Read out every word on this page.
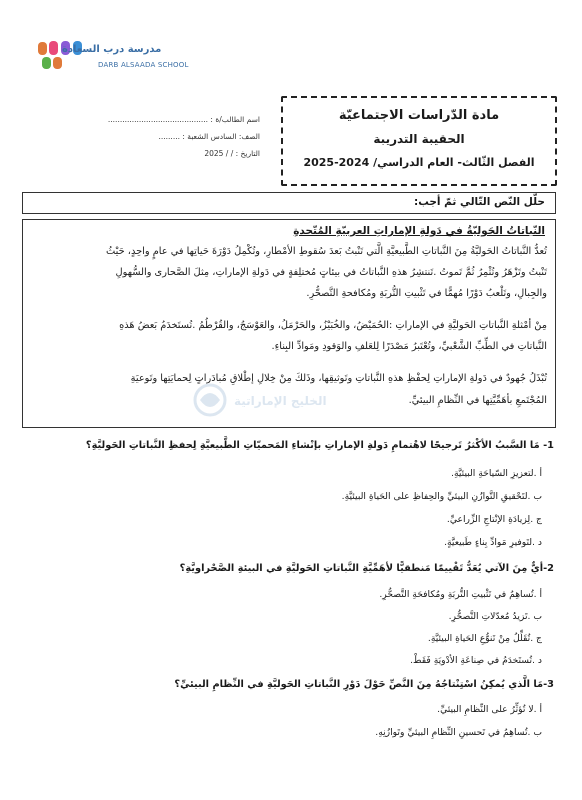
مدرسة درب السعادة
DARB ALSAADA SCHOOL
اسم الطالب/ة : ..........................................
الصف: السادس الشعبة : .........
التاريخ : / / 2025
مادة الدّراسات الاجتماعيّة
الحقيبة التدريبة
الفصل الثّالث- العام الدراسي/ 2024-2025
حلّل النّص التّالي ثمّ أجب:
النّباتاتُ الحَوليّةُ في دَولةِ الإماراتِ العربيّةِ المُتّحدةِ
تُعدُّ النَّباتاتُ الحَوليَّةُ مِنَ النَّباتاتِ الطَّبيعيَّةِ الَّتي تَنْبتُ بَعدَ سُقوطِ الأمْطارِ، وتُكْمِلُ دَوْرَةَ حَياتِها في عامٍ واحِدٍ، حَيْثُ
تَنْبتُ وتَزْهَرُ وتُثْمِرُ ثُمَّ تَموتُ .تَنتشِرُ هذهِ النَّباتاتُ في بيئاتٍ مُختلِفةٍ في دَولةِ الإماراتِ، مِثلَ الصَّحارى والسُّهولِ
والجِبالِ، وتَلْعبُ دَوْرًا مُهمًّا في تَثْبيتِ التُّربَةِ ومُكافحةِ التَّصحُّرِ.
مِنْ أمْثلةِ النَّباتاتِ الحَوليَّةِ في الإماراتِ :الحُمَيْضُ، والخُبَيْزُ، والحَرْمَلُ، والعَوْسَجُ، والقُرْطُمُ .تُستَخدَمُ بَعضُ هَذهِ
النَّباتاتِ في الطِّبِّ الشَّعْبيِّ، وتُعْتَبرُ مَصْدَرًا لِلعَلفِ والوَقودِ ومَوادِّ البِناءِ.
تُبْذَلُ جُهودٌ في دَولةِ الإماراتِ لِحفْظِ هذهِ النَّباتاتِ وتَوثيقِها، وذَلكَ مِنْ خِلالِ إطْلاقِ مُبادَراتٍ لِحمايَتِها وتَوعيَةِ
المُجْتَمعِ بأهَمِّيَّتِها في النِّظامِ البيئيِّ.
الخليج الإماراتية
1- مَا السَّببُ الأكْثرُ تَرجيحًا لاهْتمامِ دَولةِ الإماراتِ بإنْشاءِ المَحميّاتِ الطَّبيعيَّةِ لِحفظِ النَّباتاتِ الحَوليَّةِ؟
أ .لتعزيزِ السّياحَةِ البيئيَّةِ.
ب .لتَحْقيقِ التَّوازُنِ البيئيِّ والحِفاظِ على الحَياةِ البيئيَّةِ.
ج .لِزيادَةِ الإنْتاجِ الزِّراعيِّ.
د .لتَوفيرِ مَوادِّ بِناءٍ طَبيعيَّةٍ.
2-أيٌّ مِنَ الآتي يُعَدُّ تَقْييمًا مَنطقيًّا لأهَمِّيَّةِ النَّباتاتِ الحَوليَّةِ في البيئةِ الصَّحْراويَّةِ؟
أ .تُساهِمُ في تَثْبيتِ التُّربَةِ ومُكافحَةِ التَّصحُّرِ.
ب .تَزيدُ مُعدّلاتِ التَّصحُّرِ.
ج .تُقَلِّلُ مِنْ تَنوُّعِ الحَياةِ البيئيَّةِ.
د .تُستَخدَمُ في صِناعَةِ الأدْويَةِ فَقَطْ.
3-مَا الَّذي يُمكِنُ اسْتِنْتاجُهُ مِنَ النَّصِّ حَوْلَ دَوْرِ النَّباتاتِ الحَوليَّةِ في النِّظامِ البيئيِّ؟
أ .لا تُؤثِّرُ على النِّظامِ البيئيِّ.
ب .تُساهِمُ في تَحسينِ النِّظامِ البيئيِّ وتَوازُنِهِ.
